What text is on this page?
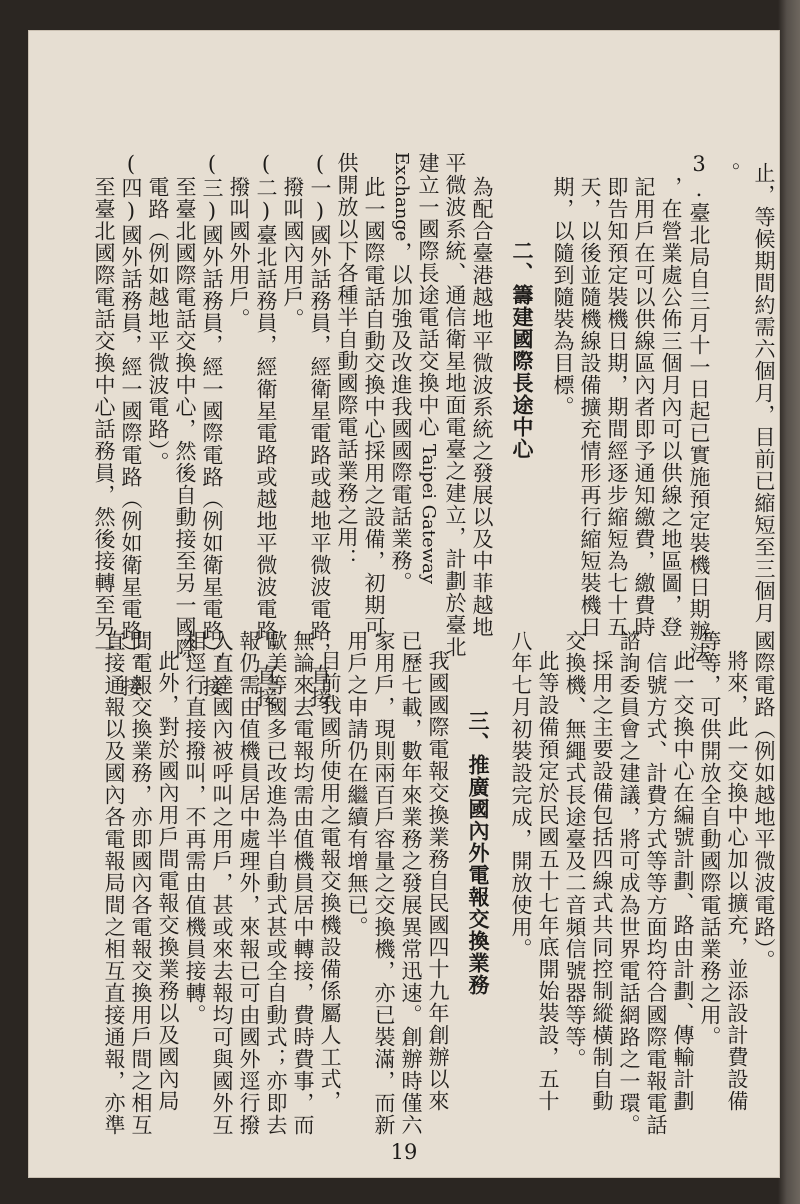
止，等候期間約需六個月，目前已縮短至三個月
。
3.臺北局自三月十一日起已實施預定裝機日期辦法
，在營業處公佈三個月內可以供線之地區圖，登
記用戶在可以供線區內者即予通知繳費，繳費時
即告知預定裝機日期，期間經逐步縮短為七十五
天，以後並隨機線設備擴充情形再行縮短裝機日
期，以隨到隨裝為目標。
二、籌建國際長途中心
為配合臺港越地平微波系統之發展以及中菲越地
平微波系統、通信衛星地面電臺之建立，計劃於臺北
建立一國際長途電話交換中心Taipei Gateway
Exchange，以加強及改進我國國際電話業務。
此一國際電話自動交換中心採用之設備，初期可
供開放以下各種半自動國際電話業務之用：
(一)國外話務員，經衛星電路或越地平微波電路，直接
撥叫國內用戶。
(二)臺北話務員，經衛星電路或越地平微波電路，直接
撥叫國外用戶。
(三)國外話務員，經一國際電路（例如衛星電路），接
至臺北國際電話交換中心，然後自動接至另一國際
電路（例如越地平微波電路）。
(四)國外話務員，經一國際電路（例如衛星電路），接
至臺北國際電話交換中心話務員，然後接轉至另一
國際電路（例如越地平微波電路）。
將來，此一交換中心加以擴充，並添設計費設備
等等，可供開放全自動國際電話業務之用。
此一交換中心在編號計劃、路由計劃、傳輸計劃
、信號方式、計費方式等等方面均符合國際電報電話
諮詢委員會之建議，將可成為世界電話網路之一環。
採用之主要設備包括四線式共同控制縱橫制自動
交換機、無繩式長途臺及二音頻信號器等等。
此等設備預定於民國五十七年底開始裝設，五十
八年七月初裝設完成，開放使用。
三、推廣國內外電報交換業務
我國國際電報交換業務自民國四十九年創辦以來
已歷七載，數年來業務之發展異常迅速。創辦時僅六
家用戶，現則兩百戶容量之交換機，亦已裝滿，而新
用戶之申請仍在繼續有增無已。
目前我國所使用之電報交換機設備係屬人工式，
無論來去電報均需由值機員居中轉接，費時費事，而
歐美等國多已改進為半自動式甚或全自動式；亦即去
報仍需由值機員居中處理外，來報已可由國外逕行撥
入直達國內被呼叫之用戶，甚或來去報均可與國外互
相逕行直接撥叫，不再需由值機員接轉。
此外，對於國內用戶間電報交換業務以及國內局
間電報交換業務，亦即國內各電報交換用戶間之相互
直接通報以及國內各電報局間之相互直接通報，亦準
19
